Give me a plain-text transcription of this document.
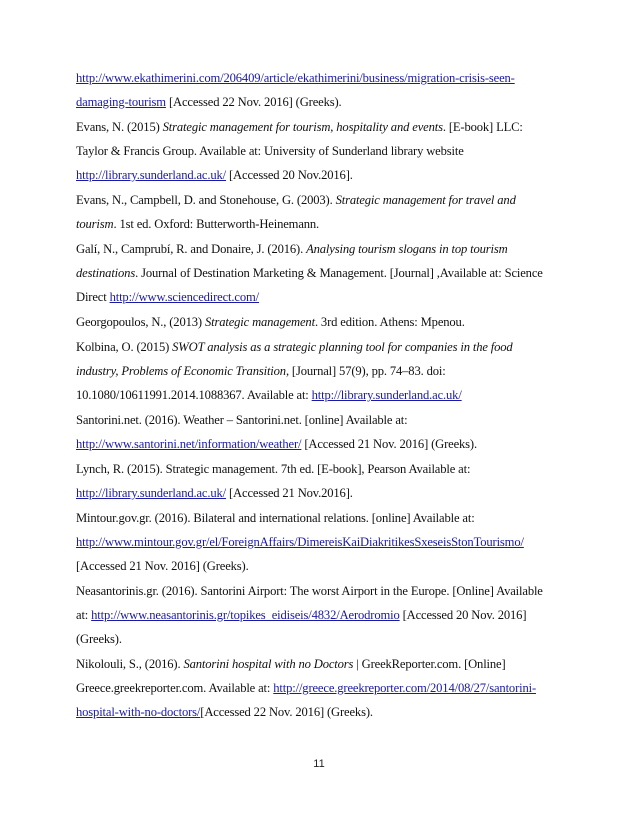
http://www.ekathimerini.com/206409/article/ekathimerini/business/migration-crisis-seen-
damaging-tourism [Accessed 22 Nov. 2016] (Greeks).
Evans, N. (2015) Strategic management for tourism, hospitality and events. [E-book] LLC:
Taylor & Francis Group. Available at: University of Sunderland library website
http://library.sunderland.ac.uk/ [Accessed 20 Nov.2016].
Evans, N., Campbell, D. and Stonehouse, G. (2003). Strategic management for travel and
tourism. 1st ed. Oxford: Butterworth-Heinemann.
Galí, N., Camprubí, R. and Donaire, J. (2016). Analysing tourism slogans in top tourism
destinations. Journal of Destination Marketing & Management. [Journal] ,Available at: Science
Direct http://www.sciencedirect.com/
Georgopoulos, N., (2013) Strategic management. 3rd edition. Athens: Mpenou.
Kolbina, O. (2015) SWOT analysis as a strategic planning tool for companies in the food
industry, Problems of Economic Transition, [Journal] 57(9), pp. 74–83. doi:
10.1080/10611991.2014.1088367. Available at: http://library.sunderland.ac.uk/
Santorini.net. (2016). Weather – Santorini.net. [online] Available at:
http://www.santorini.net/information/weather/ [Accessed 21 Nov. 2016] (Greeks).
Lynch, R. (2015). Strategic management. 7th ed. [E-book], Pearson Available at:
http://library.sunderland.ac.uk/ [Accessed 21 Nov.2016].
Mintour.gov.gr. (2016). Bilateral and international relations. [online] Available at:
http://www.mintour.gov.gr/el/ForeignAffairs/DimereisKaiDiakritikesSxeseisStonTourismo/
[Accessed 21 Nov. 2016] (Greeks).
Neasantorinis.gr. (2016). Santorini Airport: The worst Airport in the Europe. [Online] Available
at: http://www.neasantorinis.gr/topikes_eidiseis/4832/Aerodromio [Accessed 20 Nov. 2016]
(Greeks).
Nikolouli, S., (2016). Santorini hospital with no Doctors | GreekReporter.com. [Online]
Greece.greekreporter.com. Available at: http://greece.greekreporter.com/2014/08/27/santorini-
hospital-with-no-doctors/[Accessed 22 Nov. 2016] (Greeks).
11
